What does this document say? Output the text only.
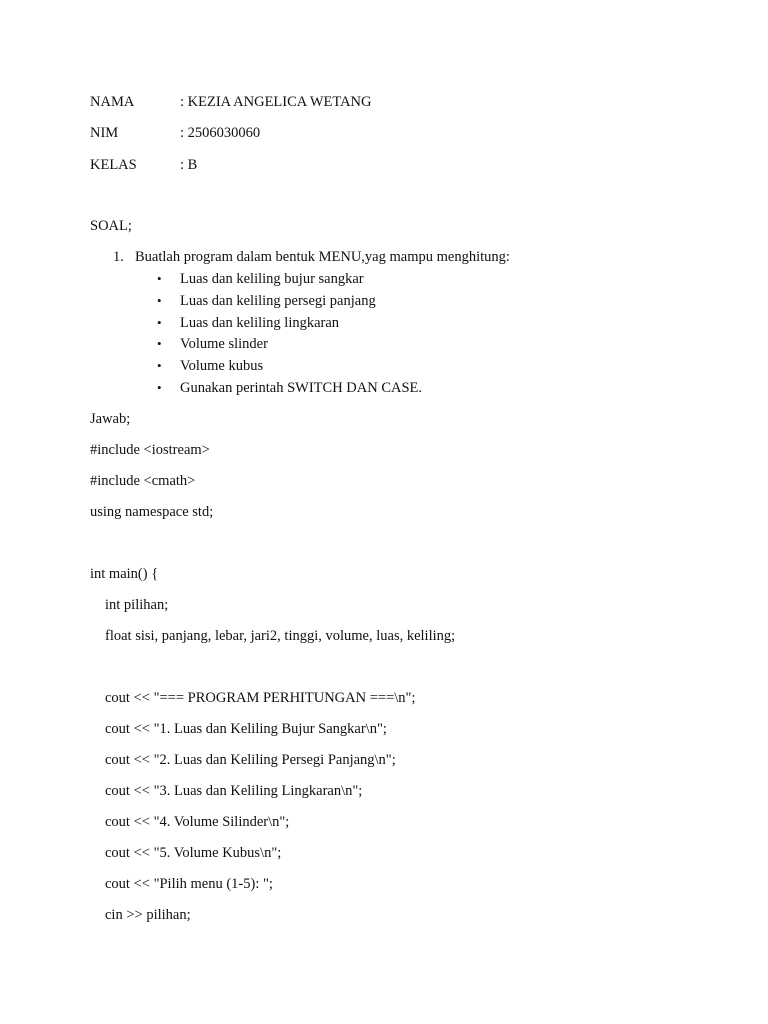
NAMA	: KEZIA ANGELICA WETANG
NIM	: 2506030060
KELAS	: B
SOAL;
1. Buatlah program dalam bentuk MENU,yag mampu menghitung:
• Luas dan keliling bujur sangkar
• Luas dan keliling persegi panjang
• Luas dan keliling lingkaran
• Volume slinder
• Volume kubus
• Gunakan perintah SWITCH DAN CASE.
Jawab;
#include <iostream>
#include <cmath>
using namespace std;
int main() {
int pilihan;
float sisi, panjang, lebar, jari2, tinggi, volume, luas, keliling;
cout << "=== PROGRAM PERHITUNGAN ===\n";
cout << "1. Luas dan Keliling Bujur Sangkar\n";
cout << "2. Luas dan Keliling Persegi Panjang\n";
cout << "3. Luas dan Keliling Lingkaran\n";
cout << "4. Volume Silinder\n";
cout << "5. Volume Kubus\n";
cout << "Pilih menu (1-5): ";
cin >> pilihan;
